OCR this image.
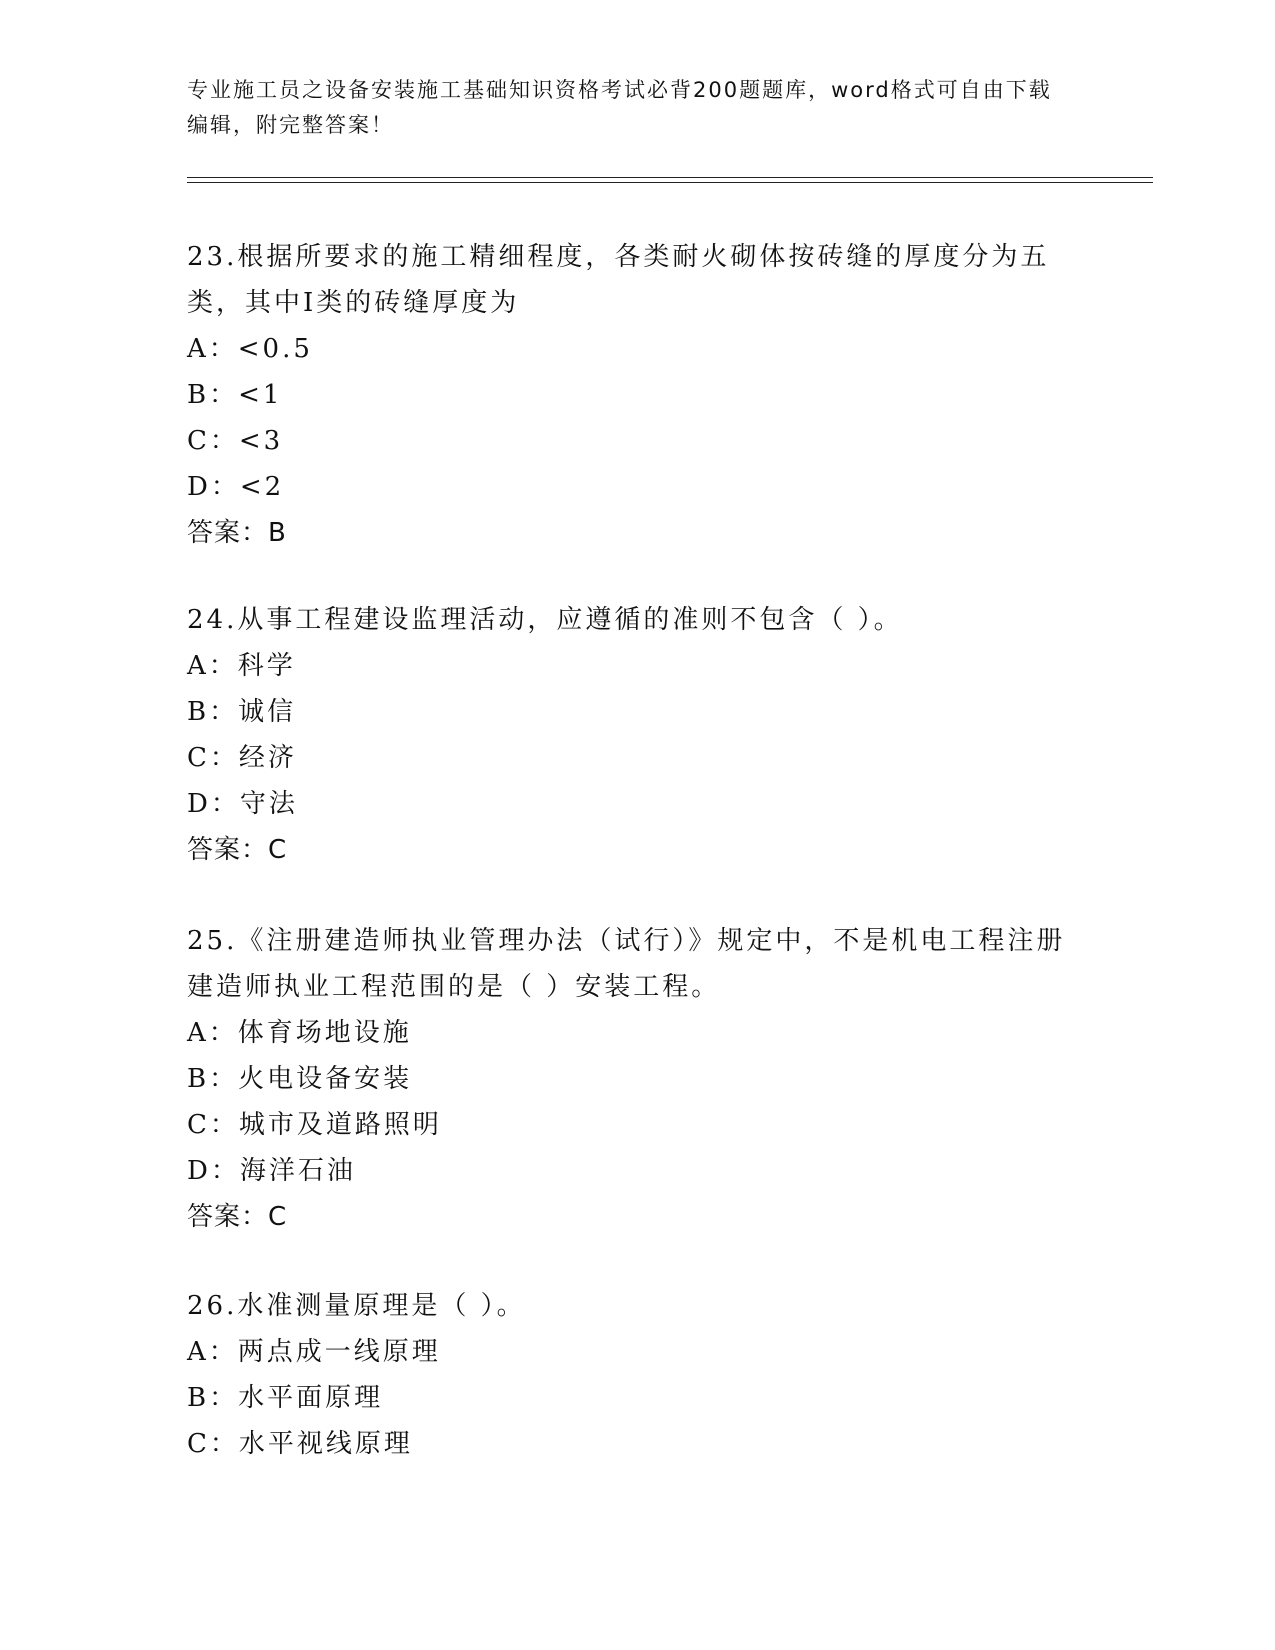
专业施工员之设备安装施工基础知识资格考试必背200题题库，word格式可自由下载编辑，附完整答案！
23.根据所要求的施工精细程度，各类耐火砌体按砖缝的厚度分为五类，其中Ⅰ类的砖缝厚度为
A：<0.5
B：<1
C：<3
D：<2
答案：B
24.从事工程建设监理活动，应遵循的准则不包含（ ）。
A：科学
B：诚信
C：经济
D：守法
答案：C
25.《注册建造师执业管理办法（试行）》规定中，不是机电工程注册建造师执业工程范围的是（ ）安装工程。
A：体育场地设施
B：火电设备安装
C：城市及道路照明
D：海洋石油
答案：C
26.水准测量原理是（ ）。
A：两点成一线原理
B：水平面原理
C：水平视线原理
